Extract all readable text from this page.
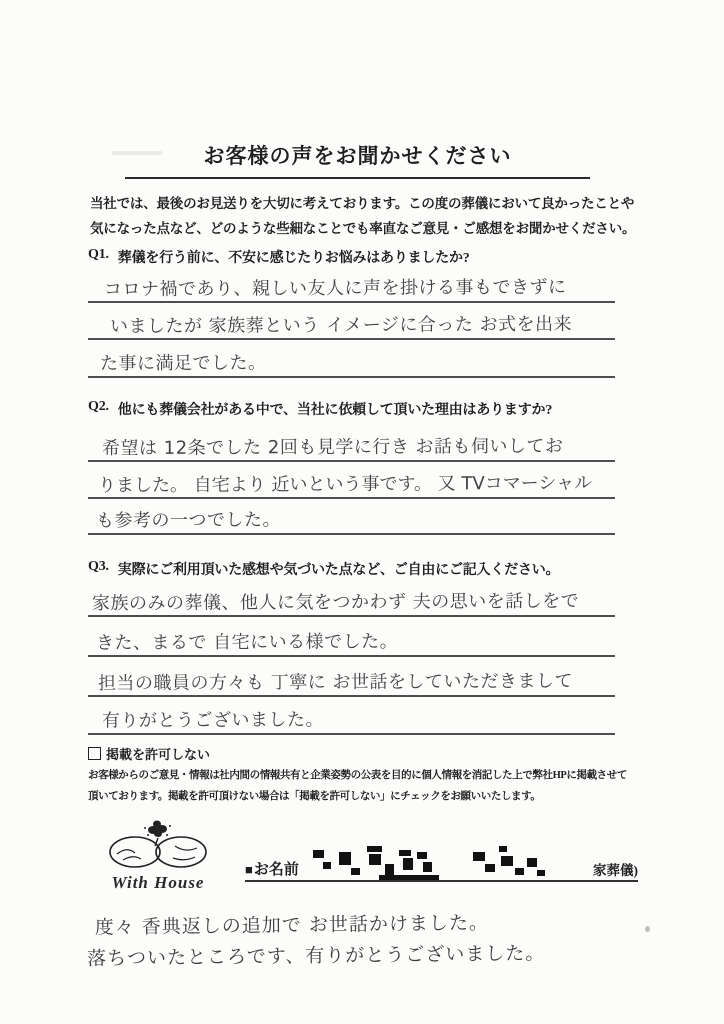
お客様の声をお聞かせください
当社では、最後のお見送りを大切に考えております。この度の葬儀において良かったことや
気になった点など、どのような些細なことでも率直なご意見・ご感想をお聞かせください。
Q1. 葬儀を行う前に、不安に感じたりお悩みはありましたか?
コロナ禍であり、親しい友人に声を掛ける事もできずに
いましたが 家族葬という イメージに合った お式を出来
た事に満足でした。
Q2. 他にも葬儀会社がある中で、当社に依頼して頂いた理由はありますか?
希望は 12条でした 2回も見学に行き お話も伺いしてお
りました。 自宅より 近いという事です。 又 TVコマーシャル
も参考の一つでした。
Q3. 実際にご利用頂いた感想や気づいた点など、ご自由にご記入ください。
家族のみの葬儀、他人に気をつかわず 夫の思いを話しをで
きた、まるで 自宅にいる様でした。
担当の職員の方々も 丁寧に お世話をしていただきまして
有りがとうございました。
掲載を許可しない
お客様からのご意見・情報は社内間の情報共有と企業姿勢の公表を目的に個人情報を消記した上で弊社HPに掲載させて
頂いております。掲載を許可頂けない場合は「掲載を許可しない」にチェックをお願いいたします。
With House
■お名前	家葬儀)
度々 香典返しの追加で お世話かけました。
落ちついたところです、有りがとうございました。
